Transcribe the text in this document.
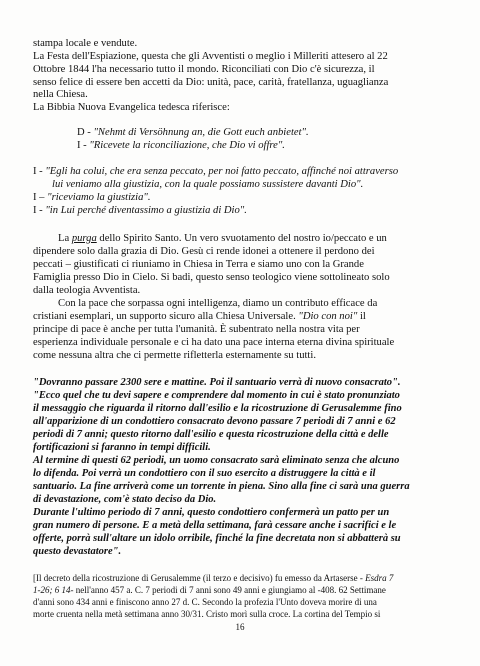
stampa locale e vendute.
La Festa dell'Espiazione, questa che gli Avventisti o meglio i Milleriti attesero al 22
Ottobre 1844 l'ha necessario tutto il mondo. Riconciliati con Dio c'è sicurezza, il
senso felice di essere ben accetti da Dio: unità, pace, carità, fratellanza, uguaglianza
nella Chiesa.
La Bibbia Nuova Evangelica tedesca riferisce:
D - "Nehmt di Versöhnung an, die Gott euch anbietet".
I - "Ricevete la riconciliazione, che Dio vi offre".
I - "Egli ha colui, che era senza peccato, per noi fatto peccato, affinché noi attraverso
lui veniamo alla giustizia, con la quale possiamo sussistere davanti Dio".
I – "riceviamo la giustizia".
I - "in Lui perché diventassimo a giustizia di Dio".
La purga dello Spirito Santo. Un vero svuotamento del nostro io/peccato e un
dipendere solo dalla grazia di Dio. Gesù ci rende idonei a ottenere il perdono dei
peccati – giustificati ci riuniamo in Chiesa in Terra e siamo uno con la Grande
Famiglia presso Dio in Cielo. Si badi, questo senso teologico viene sottolineato solo
dalla teologia Avventista.
Con la pace che sorpassa ogni intelligenza, diamo un contributo efficace da
cristiani esemplari, un supporto sicuro alla Chiesa Universale. "Dio con noi" il
principe di pace è anche per tutta l'umanità. È subentrato nella nostra vita per
esperienza individuale personale e ci ha dato una pace interna eterna divina spirituale
come nessuna altra che ci permette rifletterla esternamente su tutti.
"Dovranno passare 2300 sere e mattine. Poi il santuario verrà di nuovo consacrato".
"Ecco quel che tu devi sapere e comprendere dal momento in cui è stato pronunziato
il messaggio che riguarda il ritorno dall'esilio e la ricostruzione di Gerusalemme fino
all'apparizione di un condottiero consacrato devono passare 7 periodi di 7 anni e 62
periodi di 7 anni; questo ritorno dall'esilio e questa ricostruzione della città e delle
fortificazioni si faranno in tempi difficili.
Al termine di questi 62 periodi, un uomo consacrato sarà eliminato senza che alcuno
lo difenda. Poi verrà un condottiero con il suo esercito a distruggere la città e il
santuario. La fine arriverà come un torrente in piena. Sino alla fine ci sarà una guerra
di devastazione, com'è stato deciso da Dio.
Durante l'ultimo periodo di 7 anni, questo condottiero confermerà un patto per un
gran numero di persone. E a metà della settimana, farà cessare anche i sacrifici e le
offerte, porrà sull'altare un idolo orribile, finché la fine decretata non si abbatterà su
questo devastatore".
[Il decreto della ricostruzione di Gerusalemme (il terzo e decisivo) fu emesso da Artaserse - Esdra 7
1-26; 6 14- nell'anno 457 a. C. 7 periodi di 7 anni sono 49 anni e giungiamo al -408. 62 Settimane
d'anni sono 434 anni e finiscono anno 27 d. C. Secondo la profezia l'Unto doveva morire di una
morte cruenta nella metà settimana anno 30/31. Cristo morì sulla croce. La cortina del Tempio si
16
